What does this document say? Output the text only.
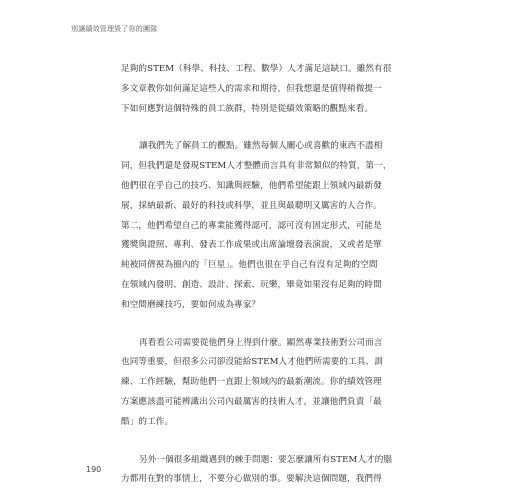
別讓績效管理毀了你的團隊

足夠的STEM（科學、科技、工程、數學）人才滿足這缺口。雖然有很
多文章教你如何滿足這些人的需求和期待，但我想還是值得稍微提一
下如何應對這個特殊的員工族群，特別是從績效策略的觀點來看。

讓我們先了解員工的觀點。雖然每個人關心或喜歡的東西不盡相
同，但我們還是發現STEM人才整體而言具有非常類似的特質，第一，
他們很在乎自己的技巧、知識與經驗，他們希望能跟上領域內最新發
展，採納最新、最好的科技或科學，並且與最聰明又厲害的人合作。
第二，他們希望自己的專業能獲得認可，認可沒有固定形式，可能是
獲獎與證照、專利、發表工作成果或出席論壇發表演說，又或者是單
純被同儕視為圈內的「巨星」。他們也很在乎自己有沒有足夠的空間
在領域內發明、創造、設計、探索、玩樂，畢竟如果沒有足夠的時間
和空間磨練技巧，要如何成為專家？

再看看公司需要從他們身上得到什麼。顯然專業技術對公司而言
也同等重要，但很多公司卻沒能給STEM人才他們所需要的工具、訓
練、工作經驗，幫助他們一直跟上領域內的最新潮流。你的績效管理
方案應該盡可能辨識出公司內最厲害的技術人才，並讓他們負責「最
酷」的工作。

另外一個很多組織遇到的棘手問題：要怎麼讓所有STEM人才的腦
力都用在對的事情上，不要分心做別的事。要解決這個問題，我們得

190
